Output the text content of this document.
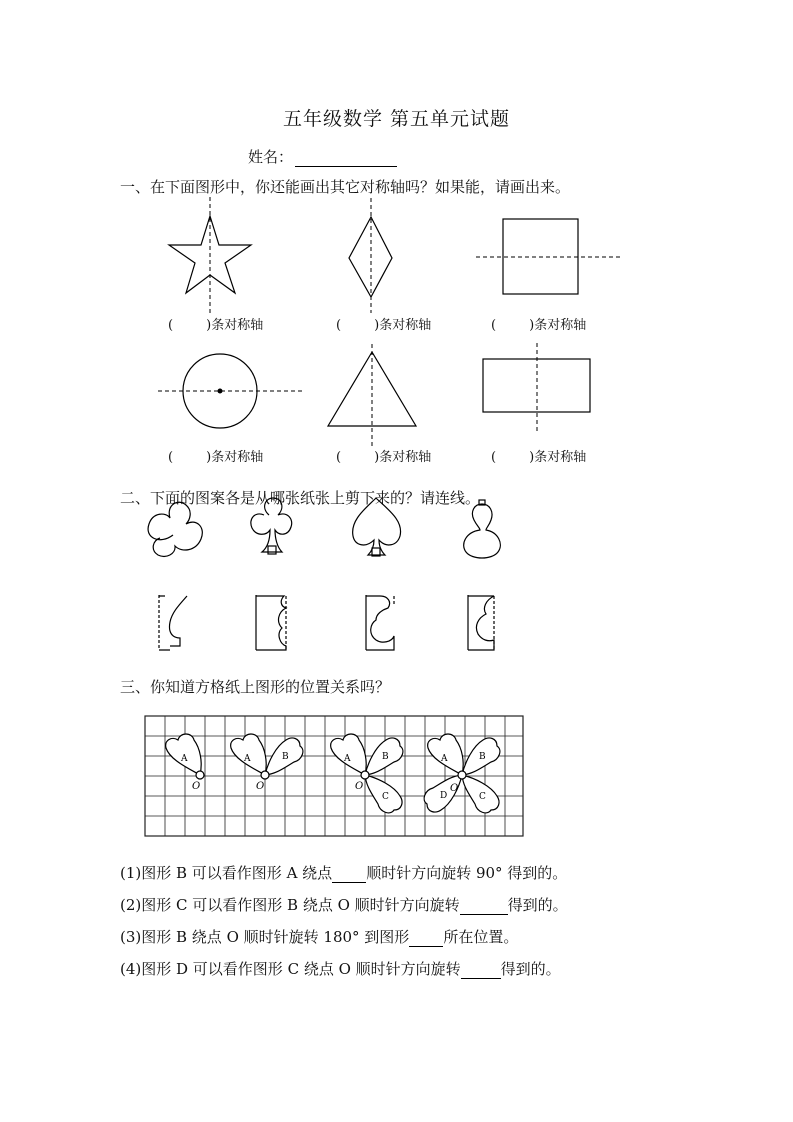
五年级数学 第五单元试题
姓名：
一、在下面图形中，你还能画出其它对称轴吗？如果能，请画出来。
(        )条对称轴	(        )条对称轴	(        )条对称轴
(        )条对称轴	(        )条对称轴	(        )条对称轴
二、下面的图案各是从哪张纸张上剪下来的？请连线。
三、你知道方格纸上图形的位置关系吗？
A	A	B	A	B
C
A	B
C
D
O	O	O	O
(1)图形 B 可以看作图形 A 绕点 顺时针方向旋转 90° 得到的。
(2)图形 C 可以看作图形 B 绕点 O 顺时针方向旋转	得到的。
(3)图形 B 绕点 O 顺时针旋转 180° 到图形 所在位置。
(4)图形 D 可以看作图形 C 绕点 O 顺时针方向旋转	得到的。
